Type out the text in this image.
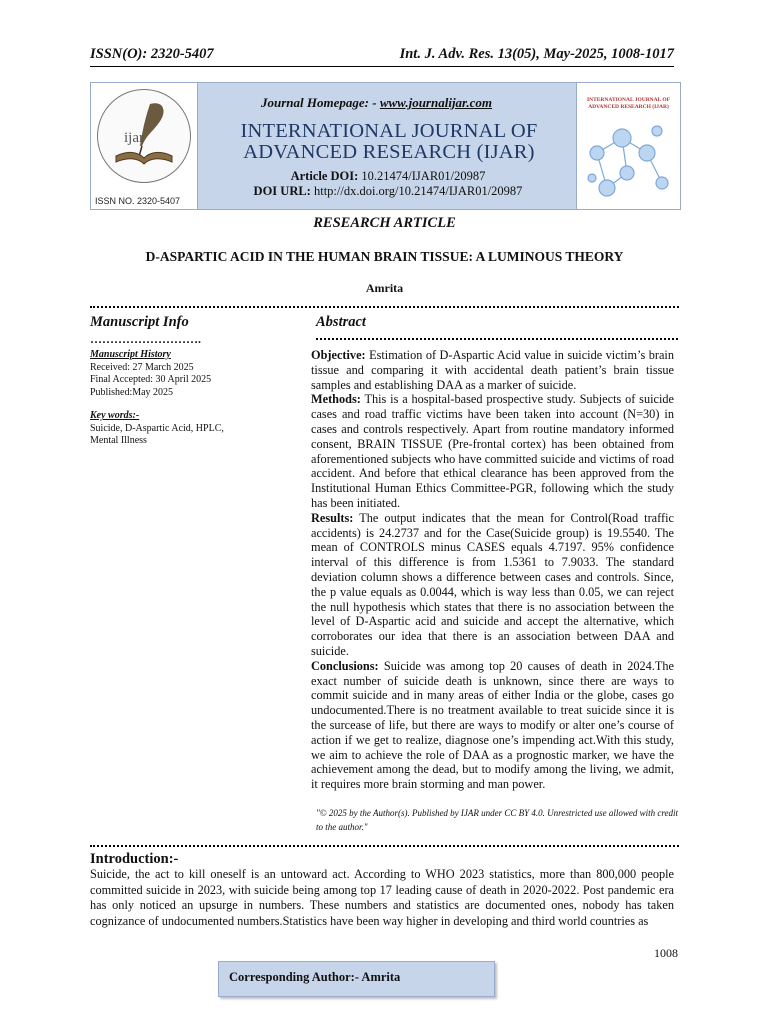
ISSN(O): 2320-5407	Int. J. Adv. Res. 13(05), May-2025, 1008-1017
ijar
ISSN NO. 2320-5407
Journal Homepage: - www.journalijar.com
INTERNATIONAL JOURNAL OF
ADVANCED RESEARCH (IJAR)
Article DOI: 10.21474/IJAR01/20987
DOI URL: http://dx.doi.org/10.21474/IJAR01/20987
INTERNATIONAL JOURNAL OF ADVANCED RESEARCH (IJAR)
RESEARCH ARTICLE
D-ASPARTIC ACID IN THE HUMAN BRAIN TISSUE: A LUMINOUS THEORY
Amrita
Manuscript Info	Abstract
……………………….
Manuscript History
Received: 27 March 2025
Final Accepted: 30 April 2025
Published:May 2025
Key words:-
Suicide, D-Aspartic Acid, HPLC, Mental Illness

Objective: Estimation of D-Aspartic Acid value in suicide victim’s brain tissue and comparing it with accidental death patient’s brain tissue samples and establishing DAA as a marker of suicide.

Methods: This is a hospital-based prospective study. Subjects of suicide cases and road traffic victims have been taken into account (N=30) in cases and controls respectively. Apart from routine mandatory informed consent, BRAIN TISSUE (Pre-frontal cortex) has been obtained from aforementioned subjects who have committed suicide and victims of road accident. And before that ethical clearance has been approved from the Institutional Human Ethics Committee-PGR, following which the study has been initiated.

Results: The output indicates that the mean for Control(Road traffic accidents) is 24.2737 and for the Case(Suicide group) is 19.5540. The mean of CONTROLS minus CASES equals 4.7197. 95% confidence interval of this difference is from 1.5361 to 7.9033. The standard deviation column shows a difference between cases and controls. Since, the p value equals as 0.0044, which is way less than 0.05, we can reject the null hypothesis which states that there is no association between the level of D-Aspartic acid and suicide and accept the alternative, which corroborates our idea that there is an association between DAA and suicide.

Conclusions: Suicide was among top 20 causes of death in 2024.The exact number of suicide death is unknown, since there are ways to commit suicide and in many areas of either India or the globe, cases go undocumented.There is no treatment available to treat suicide since it is the surcease of life, but there are ways to modify or alter one’s course of action if we get to realize, diagnose one’s impending act.With this study, we aim to achieve the role of DAA as a prognostic marker, we have the achievement among the dead, but to modify among the living, we admit, it requires more brain storming and man power.

"© 2025 by the Author(s). Published by IJAR under CC BY 4.0. Unrestricted use allowed with credit to the author."
Introduction:-
Suicide, the act to kill oneself is an untoward act. According to WHO 2023 statistics, more than 800,000 people committed suicide in 2023, with suicide being among top 17 leading cause of death in 2020-2022. Post pandemic era has only noticed an upsurge in numbers. These numbers and statistics are documented ones, nobody has taken cognizance of undocumented numbers.Statistics have been way higher in developing and third world countries as
1008
Corresponding Author:- Amrita
